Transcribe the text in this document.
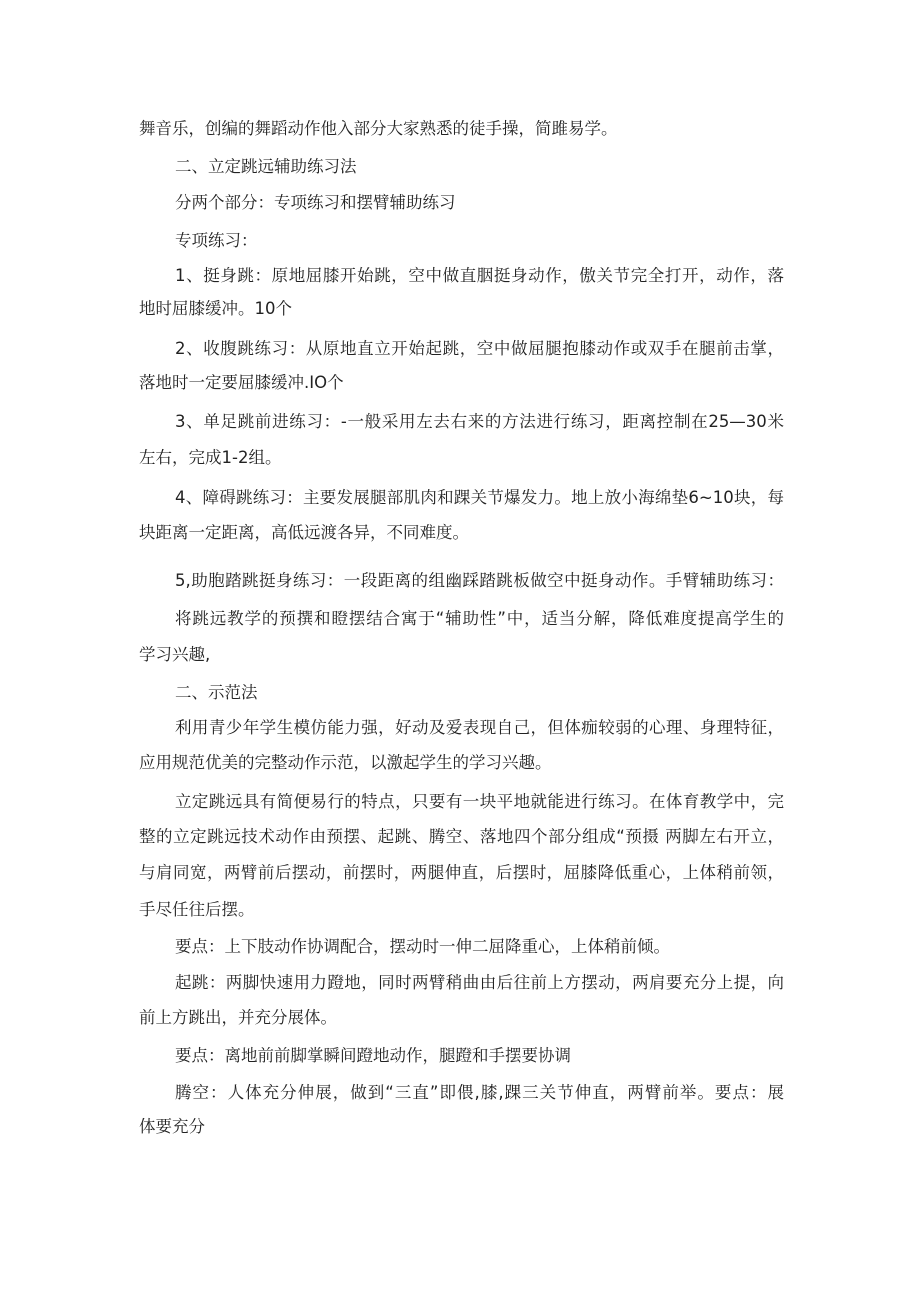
舞音乐，创编的舞蹈动作他入部分大家熟悉的徒手操，简雎易学。
二、立定跳远辅助练习法
分两个部分：专项练习和摆臂辅助练习
专项练习：
1、挺身跳：原地屈膝开始跳，空中做直胭挺身动作，傲关节完全打开，动作，落
地时屈膝缓冲。10个
2、收腹跳练习：从原地直立开始起跳，空中做屈腿抱膝动作或双手在腿前击掌，
落地时一定要屈膝缓冲.IO个
3、单足跳前进练习：-一般采用左去右来的方法进行练习，距离控制在25—30米
左右，完成1-2组。
4、障碍跳练习：主要发展腿部肌肉和踝关节爆发力。地上放小海绵垫6~10块，每
块距离一定距离，高低远渡各异，不同难度。
5,助胞踏跳挺身练习：一段距离的组幽踩踏跳板做空中挺身动作。手臂辅助练习：
将跳远教学的预撰和瞪摆结合寓于“辅助性”中，适当分解，降低难度提高学生的
学习兴趣,
二、示范法
利用青少年学生模仿能力强，好动及爱表现自己，但体痂较弱的心理、身理特征，
应用规范优美的完整动作示范，以激起学生的学习兴趣。
立定跳远具有简便易行的特点，只要有一块平地就能进行练习。在体育教学中，完
整的立定跳远技术动作由预摆、起跳、腾空、落地四个部分组成“预摄 两脚左右开立，
与肩同宽，两臂前后摆动，前摆时，两腿伸直，后摆时，屈膝降低重心，上体稍前领，
手尽任往后摆。
要点：上下肢动作协调配合，摆动时一伸二屈降重心，上体稍前倾。
起跳：两脚快速用力蹬地，同时两臂稍曲由后往前上方摆动，两肩要充分上提，向
前上方跳出，并充分展体。
要点：离地前前脚掌瞬间蹬地动作，腿蹬和手摆要协调
腾空：人体充分伸展，做到“三直”即偎,膝,踝三关节伸直，两臂前举。要点：展
体要充分
